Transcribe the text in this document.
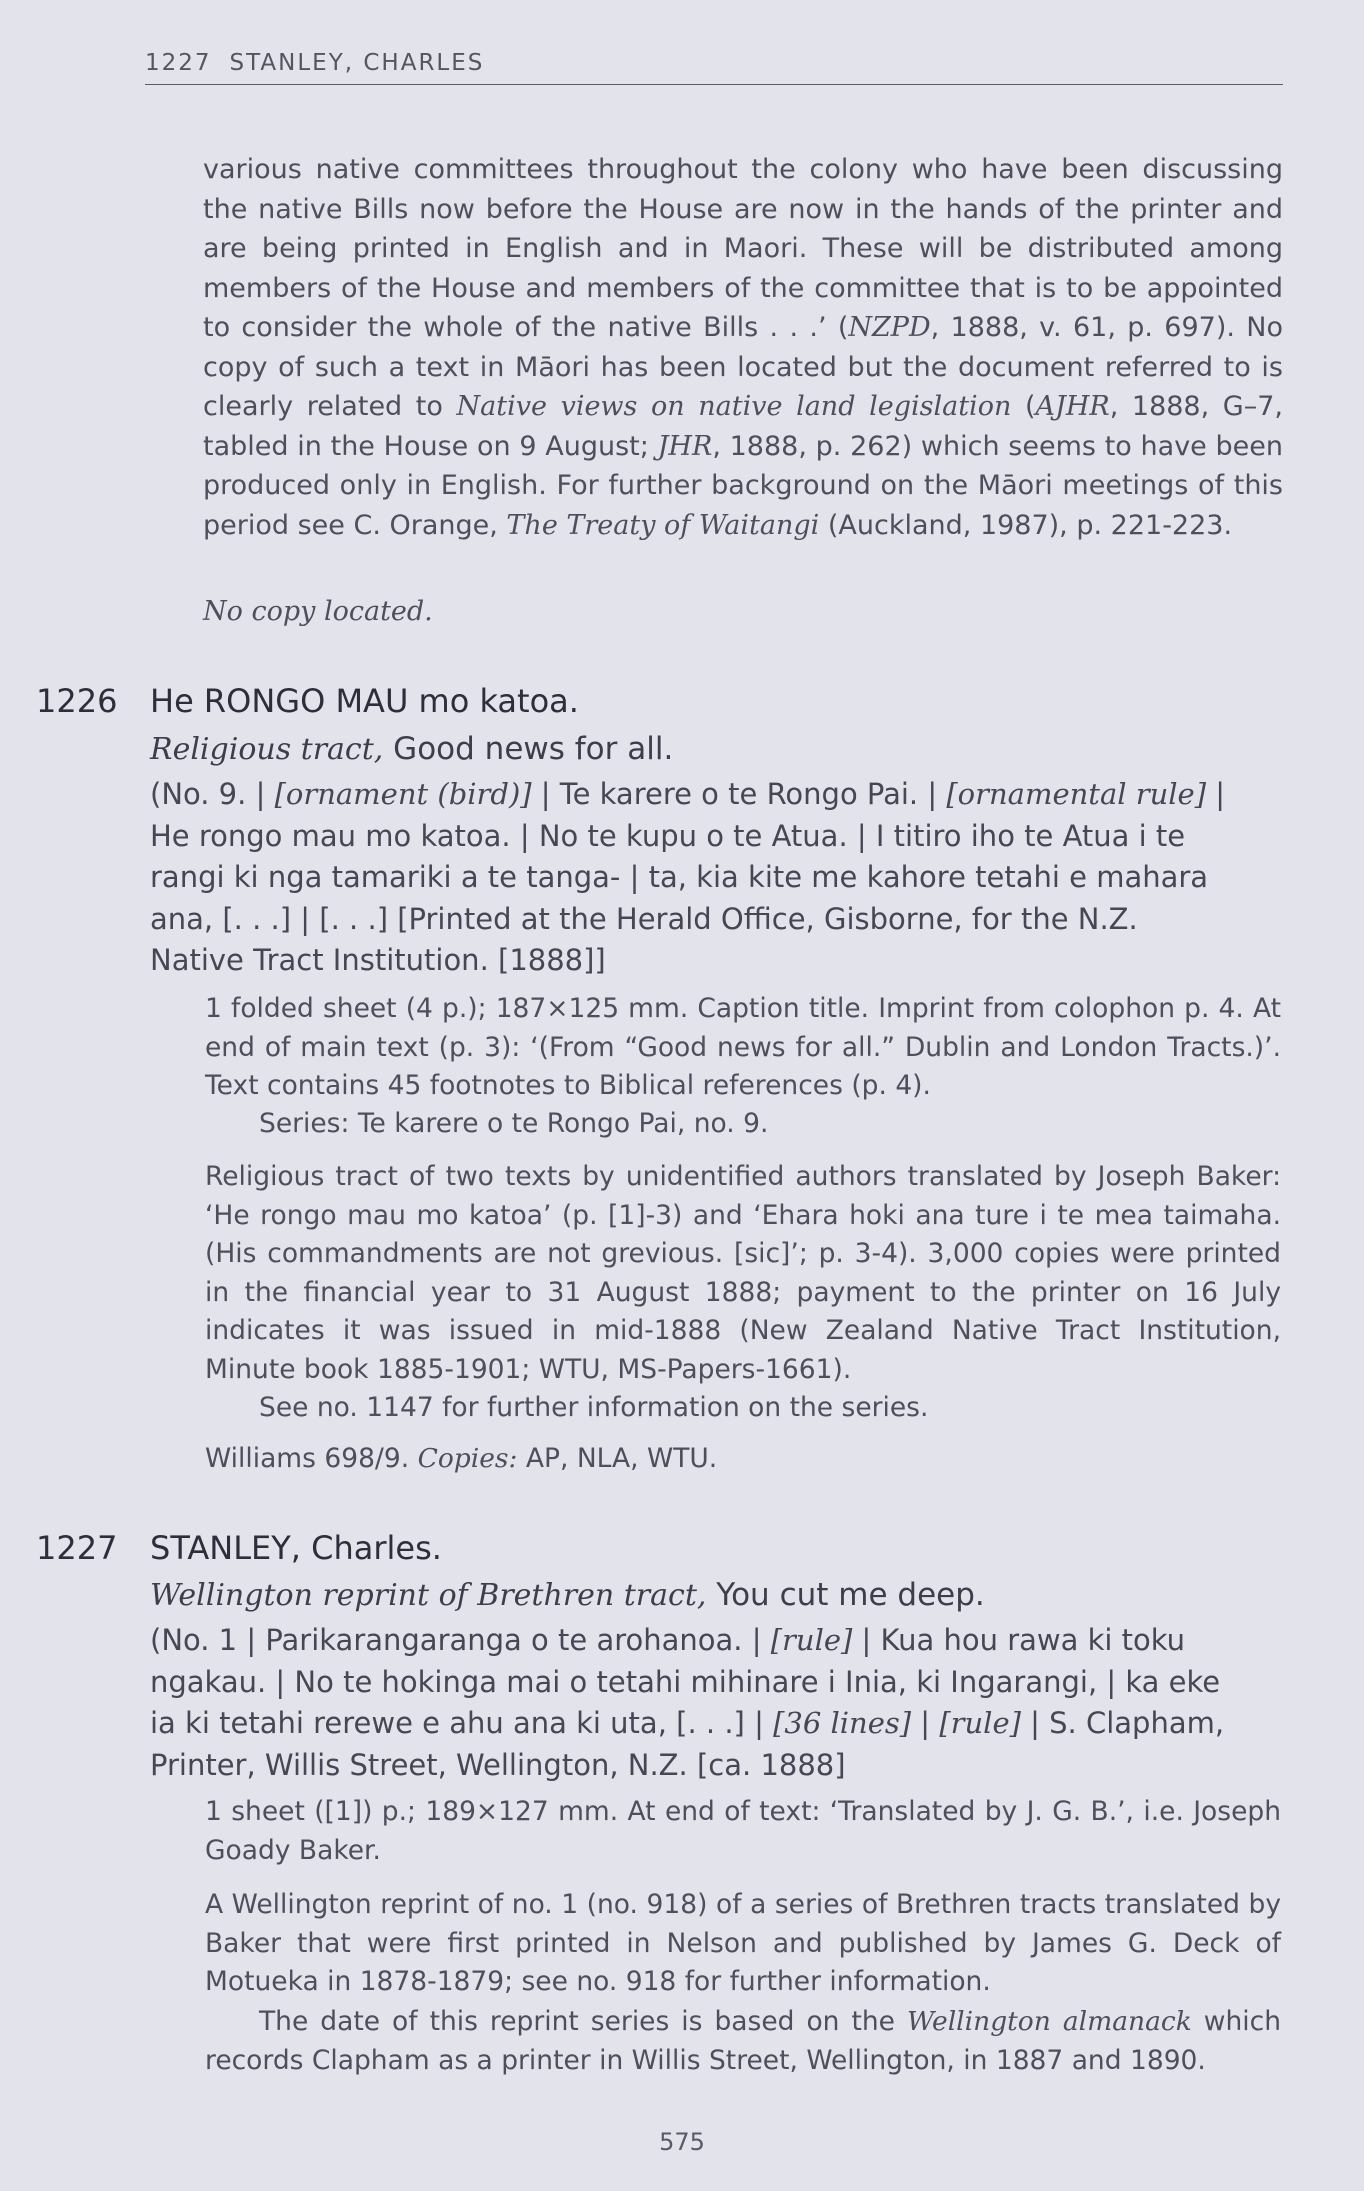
1227 STANLEY, CHARLES

various native committees throughout the colony who have been discussing the native Bills now before the House are now in the hands of the printer and are being printed in English and in Maori. These will be distributed among members of the House and members of the committee that is to be appointed to consider the whole of the native Bills . . .’ (NZPD, 1888, v. 61, p. 697). No copy of such a text in Māori has been located but the document referred to is clearly related to Native views on native land legislation (AJHR, 1888, G–7, tabled in the House on 9 August; JHR, 1888, p. 262) which seems to have been produced only in English. For further background on the Māori meetings of this period see C. Orange, The Treaty of Waitangi (Auckland, 1987), p. 221-223.

No copy located.
1226 He RONGO MAU mo katoa.
Religious tract, Good news for all.

(No. 9. | [ornament (bird)] | Te karere o te Rongo Pai. | [ornamental rule] | He rongo mau mo katoa. | No te kupu o te Atua. | I titiro iho te Atua i te rangi ki nga tamariki a te tanga- | ta, kia kite me kahore tetahi e mahara ana, [. . .] | [. . .] [Printed at the Herald Office, Gisborne, for the N.Z. Native Tract Institution. [1888]]

1 folded sheet (4 p.); 187×125 mm. Caption title. Imprint from colophon p. 4. At end of main text (p. 3): ‘(From “Good news for all.” Dublin and London Tracts.)’. Text contains 45 footnotes to Biblical references (p. 4).

Series: Te karere o te Rongo Pai, no. 9.

Religious tract of two texts by unidentified authors translated by Joseph Baker: ‘He rongo mau mo katoa’ (p. [1]-3) and ‘Ehara hoki ana ture i te mea taimaha. (His commandments are not grevious. [sic]’; p. 3-4). 3,000 copies were printed in the financial year to 31 August 1888; payment to the printer on 16 July indicates it was issued in mid-1888 (New Zealand Native Tract Institution, Minute book 1885-1901; WTU, MS-Papers-1661).

See no. 1147 for further information on the series.

Williams 698/9. Copies: AP, NLA, WTU.

1227 STANLEY, Charles.
Wellington reprint of Brethren tract, You cut me deep.

(No. 1 | Parikarangaranga o te arohanoa. | [rule] | Kua hou rawa ki toku ngakau. | No te hokinga mai o tetahi mihinare i Inia, ki Ingarangi, | ka eke ia ki tetahi rerewe e ahu ana ki uta, [. . .] | [36 lines] | [rule] | S. Clapham, Printer, Willis Street, Wellington, N.Z. [ca. 1888]

1 sheet ([1]) p.; 189×127 mm. At end of text: ‘Translated by J. G. B.’, i.e. Joseph Goady Baker.

A Wellington reprint of no. 1 (no. 918) of a series of Brethren tracts translated by Baker that were first printed in Nelson and published by James G. Deck of Motueka in 1878-1879; see no. 918 for further information.

The date of this reprint series is based on the Wellington almanack which records Clapham as a printer in Willis Street, Wellington, in 1887 and 1890.

575
